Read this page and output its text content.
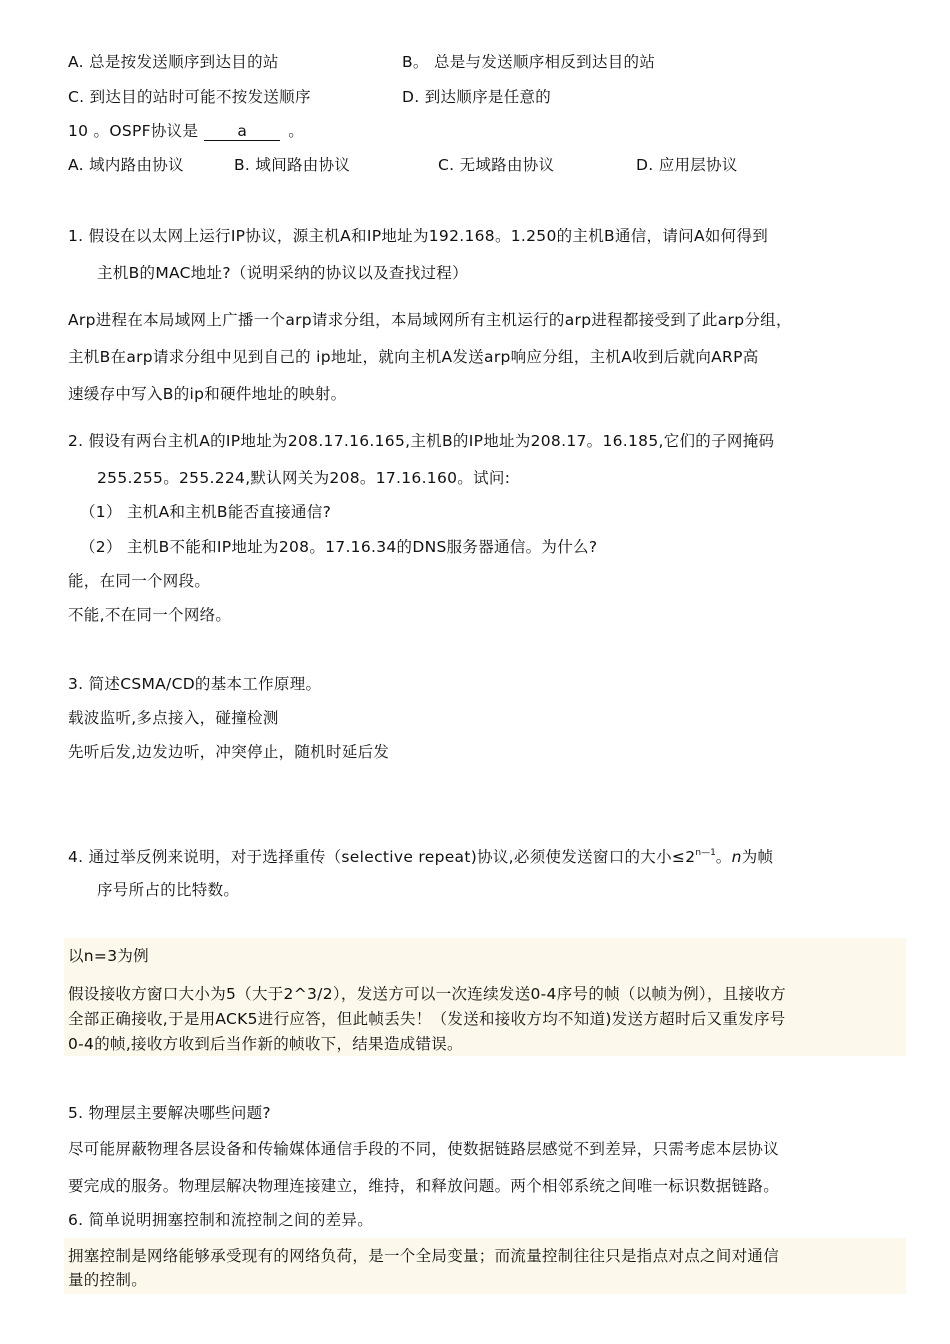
A. 总是按发送顺序到达目的站	B。 总是与发送顺序相反到达目的站
C. 到达目的站时可能不按发送顺序	D. 到达顺序是任意的
10 。OSPF协议是	a	。
A. 域内路由协议	B. 域间路由协议	C. 无域路由协议	D. 应用层协议
1. 假设在以太网上运行IP协议，源主机A和IP地址为192.168。1.250的主机B通信，请问A如何得到
主机B的MAC地址?（说明采纳的协议以及查找过程）
Arp进程在本局域网上广播一个arp请求分组，本局域网所有主机运行的arp进程都接受到了此arp分组，
主机B在arp请求分组中见到自己的 ip地址，就向主机A发送arp响应分组，主机A收到后就向ARP高
速缓存中写入B的ip和硬件地址的映射。
2. 假设有两台主机A的IP地址为208.17.16.165,主机B的IP地址为208.17。16.185,它们的子网掩码
255.255。255.224,默认网关为208。17.16.160。试问:
（1） 主机A和主机B能否直接通信?
（2） 主机B不能和IP地址为208。17.16.34的DNS服务器通信。为什么?
能，在同一个网段。
不能,不在同一个网络。
3. 简述CSMA/CD的基本工作原理。
载波监听,多点接入，碰撞检测
先听后发,边发边听，冲突停止，随机时延后发
4. 通过举反例来说明，对于选择重传（selective repeat)协议,必须使发送窗口的大小$\le 2^{n—1}$。n为帧
序号所占的比特数。
以n=3为例
假设接收方窗口大小为5（大于2^3/2），发送方可以一次连续发送0-4序号的帧（以帧为例），且接收方
全部正确接收,于是用ACK5进行应答，但此帧丢失！（发送和接收方均不知道)发送方超时后又重发序号
0-4的帧,接收方收到后当作新的帧收下，结果造成错误。
5. 物理层主要解决哪些问题?
尽可能屏蔽物理各层设备和传输媒体通信手段的不同，使数据链路层感觉不到差异，只需考虑本层协议
要完成的服务。物理层解决物理连接建立，维持，和释放问题。两个相邻系统之间唯一标识数据链路。
6. 简单说明拥塞控制和流控制之间的差异。
拥塞控制是网络能够承受现有的网络负荷，是一个全局变量；而流量控制往往只是指点对点之间对通信
量的控制。
